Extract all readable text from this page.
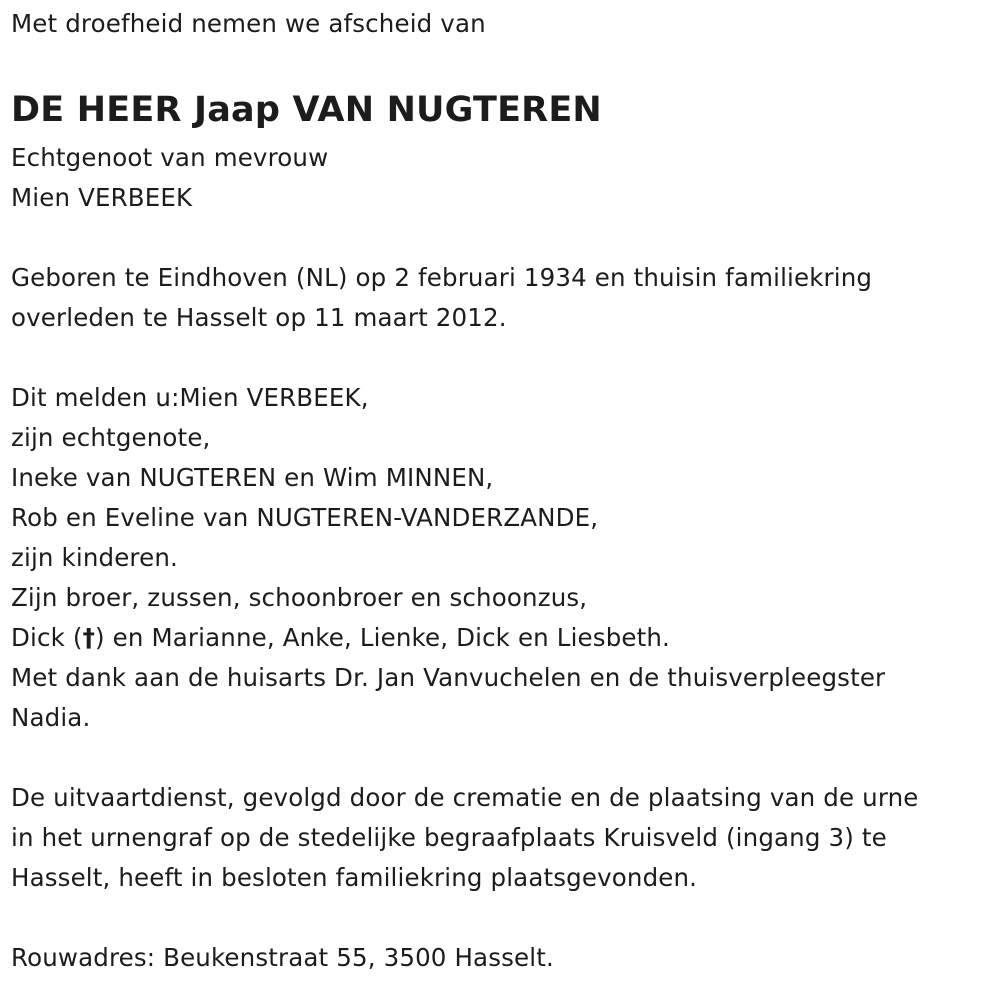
Met droefheid nemen we afscheid van
DE HEER Jaap VAN NUGTEREN
Echtgenoot van mevrouw
Mien VERBEEK
Geboren te Eindhoven (NL) op 2 februari 1934 en thuisin familiekring
overleden te Hasselt op 11 maart 2012.
Dit melden u:Mien VERBEEK,
zijn echtgenote,
Ineke van NUGTEREN en Wim MINNEN,
Rob en Eveline van NUGTEREN-VANDERZANDE,
zijn kinderen.
Zijn broer, zussen, schoonbroer en schoonzus,
Dick (†) en Marianne, Anke, Lienke, Dick en Liesbeth.
Met dank aan de huisarts Dr. Jan Vanvuchelen en de thuisverpleegster
Nadia.
De uitvaartdienst, gevolgd door de crematie en de plaatsing van de urne
in het urnengraf op de stedelijke begraafplaats Kruisveld (ingang 3) te
Hasselt, heeft in besloten familiekring plaatsgevonden.
Rouwadres: Beukenstraat 55, 3500 Hasselt.
